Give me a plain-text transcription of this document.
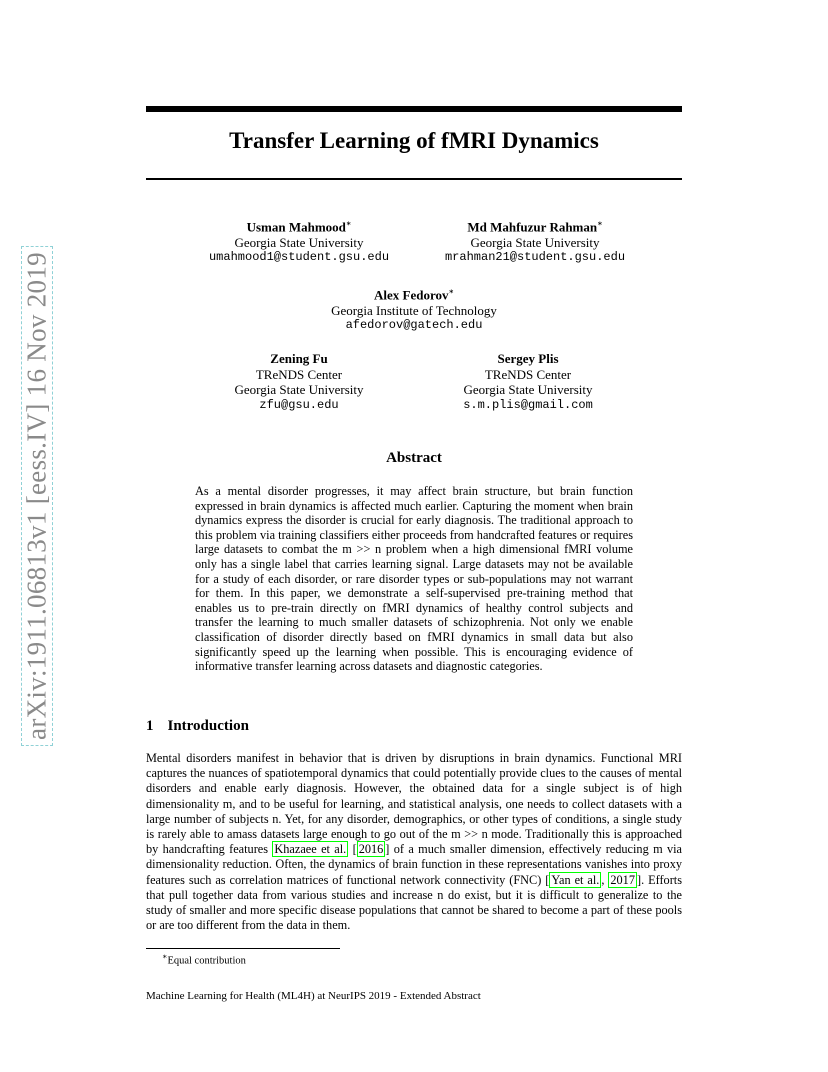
arXiv:1911.06813v1 [eess.IV] 16 Nov 2019
Transfer Learning of fMRI Dynamics
Usman Mahmood∗
Georgia State University
umahmood1@student.gsu.edu
Md Mahfuzur Rahman∗
Georgia State University
mrahman21@student.gsu.edu
Alex Fedorov∗
Georgia Institute of Technology
afedorov@gatech.edu
Zening Fu
TReNDS Center
Georgia State University
zfu@gsu.edu
Sergey Plis
TReNDS Center
Georgia State University
s.m.plis@gmail.com
Abstract

As a mental disorder progresses, it may affect brain structure, but brain function expressed in brain dynamics is affected much earlier. Capturing the moment when brain dynamics express the disorder is crucial for early diagnosis. The traditional approach to this problem via training classifiers either proceeds from handcrafted features or requires large datasets to combat the m >> n problem when a high dimensional fMRI volume only has a single label that carries learning signal. Large datasets may not be available for a study of each disorder, or rare disorder types or sub-populations may not warrant for them. In this paper, we demonstrate a self-supervised pre-training method that enables us to pre-train directly on fMRI dynamics of healthy control subjects and transfer the learning to much smaller datasets of schizophrenia. Not only we enable classification of disorder directly based on fMRI dynamics in small data but also significantly speed up the learning when possible. This is encouraging evidence of informative transfer learning across datasets and diagnostic categories.

1 Introduction

Mental disorders manifest in behavior that is driven by disruptions in brain dynamics. Functional MRI captures the nuances of spatiotemporal dynamics that could potentially provide clues to the causes of mental disorders and enable early diagnosis. However, the obtained data for a single subject is of high dimensionality m, and to be useful for learning, and statistical analysis, one needs to collect datasets with a large number of subjects n. Yet, for any disorder, demographics, or other types of conditions, a single study is rarely able to amass datasets large enough to go out of the m >> n mode. Traditionally this is approached by handcrafting features Khazaee et al. [ 2016 ] of a much smaller dimension, effectively reducing m via dimensionality reduction. Often, the dynamics of brain function in these representations vanishes into proxy features such as correlation matrices of functional network connectivity (FNC) [ Yan et al. , 2017 ]. Efforts that pull together data from various studies and increase n do exist, but it is difficult to generalize to the study of smaller and more specific disease populations that cannot be shared to become a part of these pools or are too different from the data in them.

∗Equal contribution

Machine Learning for Health (ML4H) at NeurIPS 2019 - Extended Abstract
